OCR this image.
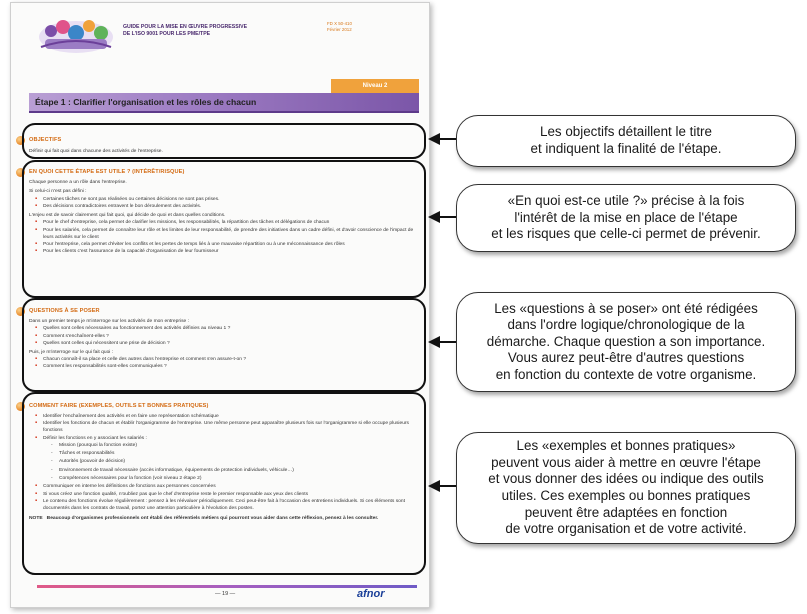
GUIDE POUR LA MISE EN ŒUVRE PROGRESSIVE
DE L'ISO 9001 POUR LES PME/TPE
FD X 50-410
Février 2012
Niveau 2
Étape 1 : Clarifier l'organisation et les rôles de chacun
OBJECTIFS
Définir qui fait quoi dans chacune des activités de l'entreprise.
EN QUOI CETTE ÉTAPE EST UTILE ? (INTÉRÊT/RISQUE)
Chaque personne a un rôle dans l'entreprise.
Si celui-ci n'est pas défini :
▪ Certaines tâches ne sont pas réalisées ou certaines décisions ne sont pas prises.
▪ Des décisions contradictoires entravent le bon déroulement des activités.
L'enjeu est de savoir clairement qui fait quoi, qui décide de quoi et dans quelles conditions.
▪ Pour le chef d'entreprise, cela permet de clarifier les missions, les responsabilités, la répartition des tâches et délégations de chacun
▪ Pour les salariés, cela permet de connaître leur rôle et les limites de leur responsabilité, de prendre des initiatives dans un cadre défini, et d'avoir conscience de l'impact de leurs activités sur le client
▪ Pour l'entreprise, cela permet d'éviter les conflits et les pertes de temps liés à une mauvaise répartition ou à une méconnaissance des rôles
▪ Pour les clients c'est l'assurance de la capacité d'organisation de leur fournisseur
QUESTIONS À SE POSER
Dans un premier temps je m'interroge sur les activités de mon entreprise :
▪ Quelles sont celles nécessaires au fonctionnement des activités définies au niveau 1 ?
▪ Comment s'enchaînent-elles ?
▪ Quelles sont celles qui nécessitent une prise de décision ?
Puis, je m'interroge sur le qui fait quoi :
▪ Chacun connaît-il sa place et celle des autres dans l'entreprise et comment s'en assure-t-on ?
▪ Comment les responsabilités sont-elles communiquées ?
COMMENT FAIRE (EXEMPLES, OUTILS ET BONNES PRATIQUES)
▪ Identifier l'enchaînement des activités et en faire une représentation schématique
▪ Identifier les fonctions de chacun et établir l'organigramme de l'entreprise. Une même personne peut apparaître plusieurs fois sur l'organigramme si elle occupe plusieurs fonctions
▪ Définir les fonctions en y associant les salariés :
- Mission (pourquoi la fonction existe)
- Tâches et responsabilités
- Autorités (pouvoir de décision)
- Environnement de travail nécessaire (accès informatique, équipements de protection individuels, véhicule…)
- Compétences nécessaires pour la fonction (voir niveau 2 étape 2)
▪ Communiquer en interne les définitions de fonctions aux personnes concernées
▪ Si vous créez une fonction qualité, n'oubliez pas que le chef d'entreprise reste le premier responsable aux yeux des clients
▪ Le contenu des fonctions évolue régulièrement : pensez à les réévaluer périodiquement. Ceci peut-être fait à l'occasion des entretiens individuels. Si ces éléments sont documentés dans les contrats de travail, portez une attention particulière à l'évolution des postes.
NOTE Beaucoup d'organismes professionnels ont établi des référentiels métiers qui pourront vous aider dans cette réflexion, pensez à les consulter.
— 19 —	afnor
Les objectifs détaillent le titre
et indiquent la finalité de l'étape.
«En quoi est-ce utile ?» précise à la fois
l'intérêt de la mise en place de l'étape
et les risques que celle-ci permet de prévenir.
Les «questions à se poser» ont été rédigées
dans l'ordre logique/chronologique de la
démarche. Chaque question a son importance.
Vous aurez peut-être d'autres questions
en fonction du contexte de votre organisme.
Les «exemples et bonnes pratiques»
peuvent vous aider à mettre en œuvre l'étape
et vous donner des idées ou indique des outils
utiles. Ces exemples ou bonnes pratiques
peuvent être adaptées en fonction
de votre organisation et de votre activité.
